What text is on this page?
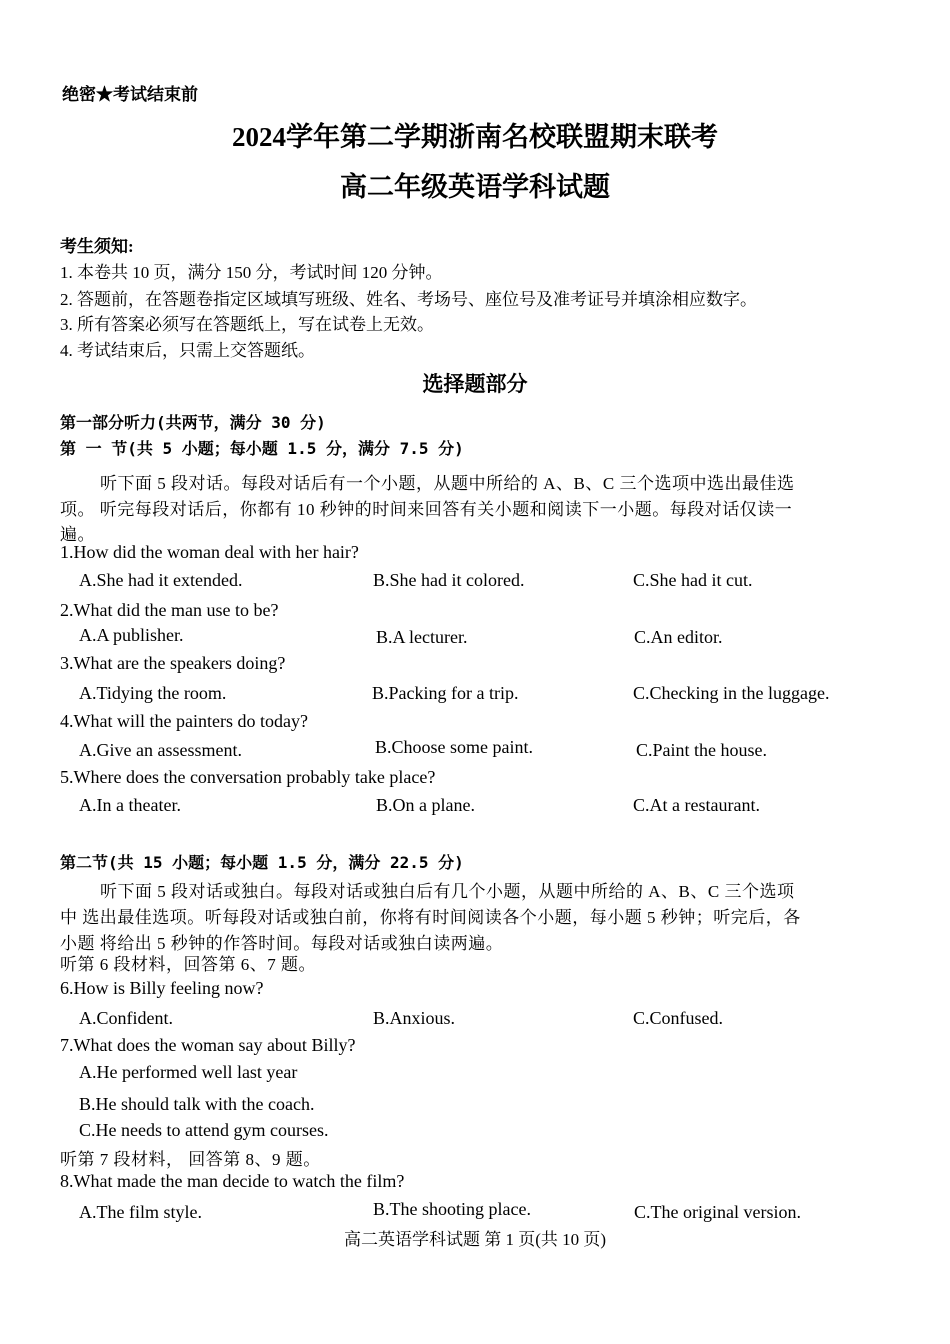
绝密★考试结束前
2024学年第二学期浙南名校联盟期末联考
高二年级英语学科试题
考生须知:
1. 本卷共 10 页，满分 150 分，考试时间 120 分钟。
2. 答题前，在答题卷指定区域填写班级、姓名、考场号、座位号及准考证号并填涂相应数字。
3. 所有答案必须写在答题纸上，写在试卷上无效。
4. 考试结束后，只需上交答题纸。
选择题部分
第一部分听力(共两节，满分 30 分)
第 一 节(共 5 小题；每小题 1.5 分，满分 7.5 分)
听下面 5 段对话。每段对话后有一个小题，从题中所给的 A、B、C 三个选项中选出最佳选
项。 听完每段对话后，你都有 10 秒钟的时间来回答有关小题和阅读下一小题。每段对话仅读一
遍。
1.How did the woman deal with her hair?
A.She had it extended.	B.She had it colored.	C.She had it cut.
2.What did the man use to be?
A.A publisher.	B.A lecturer.	C.An editor.
3.What are the speakers doing?
A.Tidying the room.	B.Packing for a trip.	C.Checking in the luggage.
4.What will the painters do today?
A.Give an assessment.	B.Choose some paint.	C.Paint the house.
5.Where does the conversation probably take place?
A.In a theater.	B.On a plane.	C.At a restaurant.
第二节(共 15 小题；每小题 1.5 分，满分 22.5 分)
听下面 5 段对话或独白。每段对话或独白后有几个小题，从题中所给的 A、B、C 三个选项
中 选出最佳选项。听每段对话或独白前，你将有时间阅读各个小题，每小题 5 秒钟；听完后，各
小题 将给出 5 秒钟的作答时间。每段对话或独白读两遍。
听第 6 段材料，回答第 6、7 题。
6.How is Billy feeling now?
A.Confident.	B.Anxious.	C.Confused.
7.What does the woman say about Billy?
A.He performed well last year
B.He should talk with the coach.
C.He needs to attend gym courses.
听第 7 段材料， 回答第 8、9 题。
8.What made the man decide to watch the film?
A.The film style.	B.The shooting place.	C.The original version.
高二英语学科试题 第 1 页(共 10 页)
